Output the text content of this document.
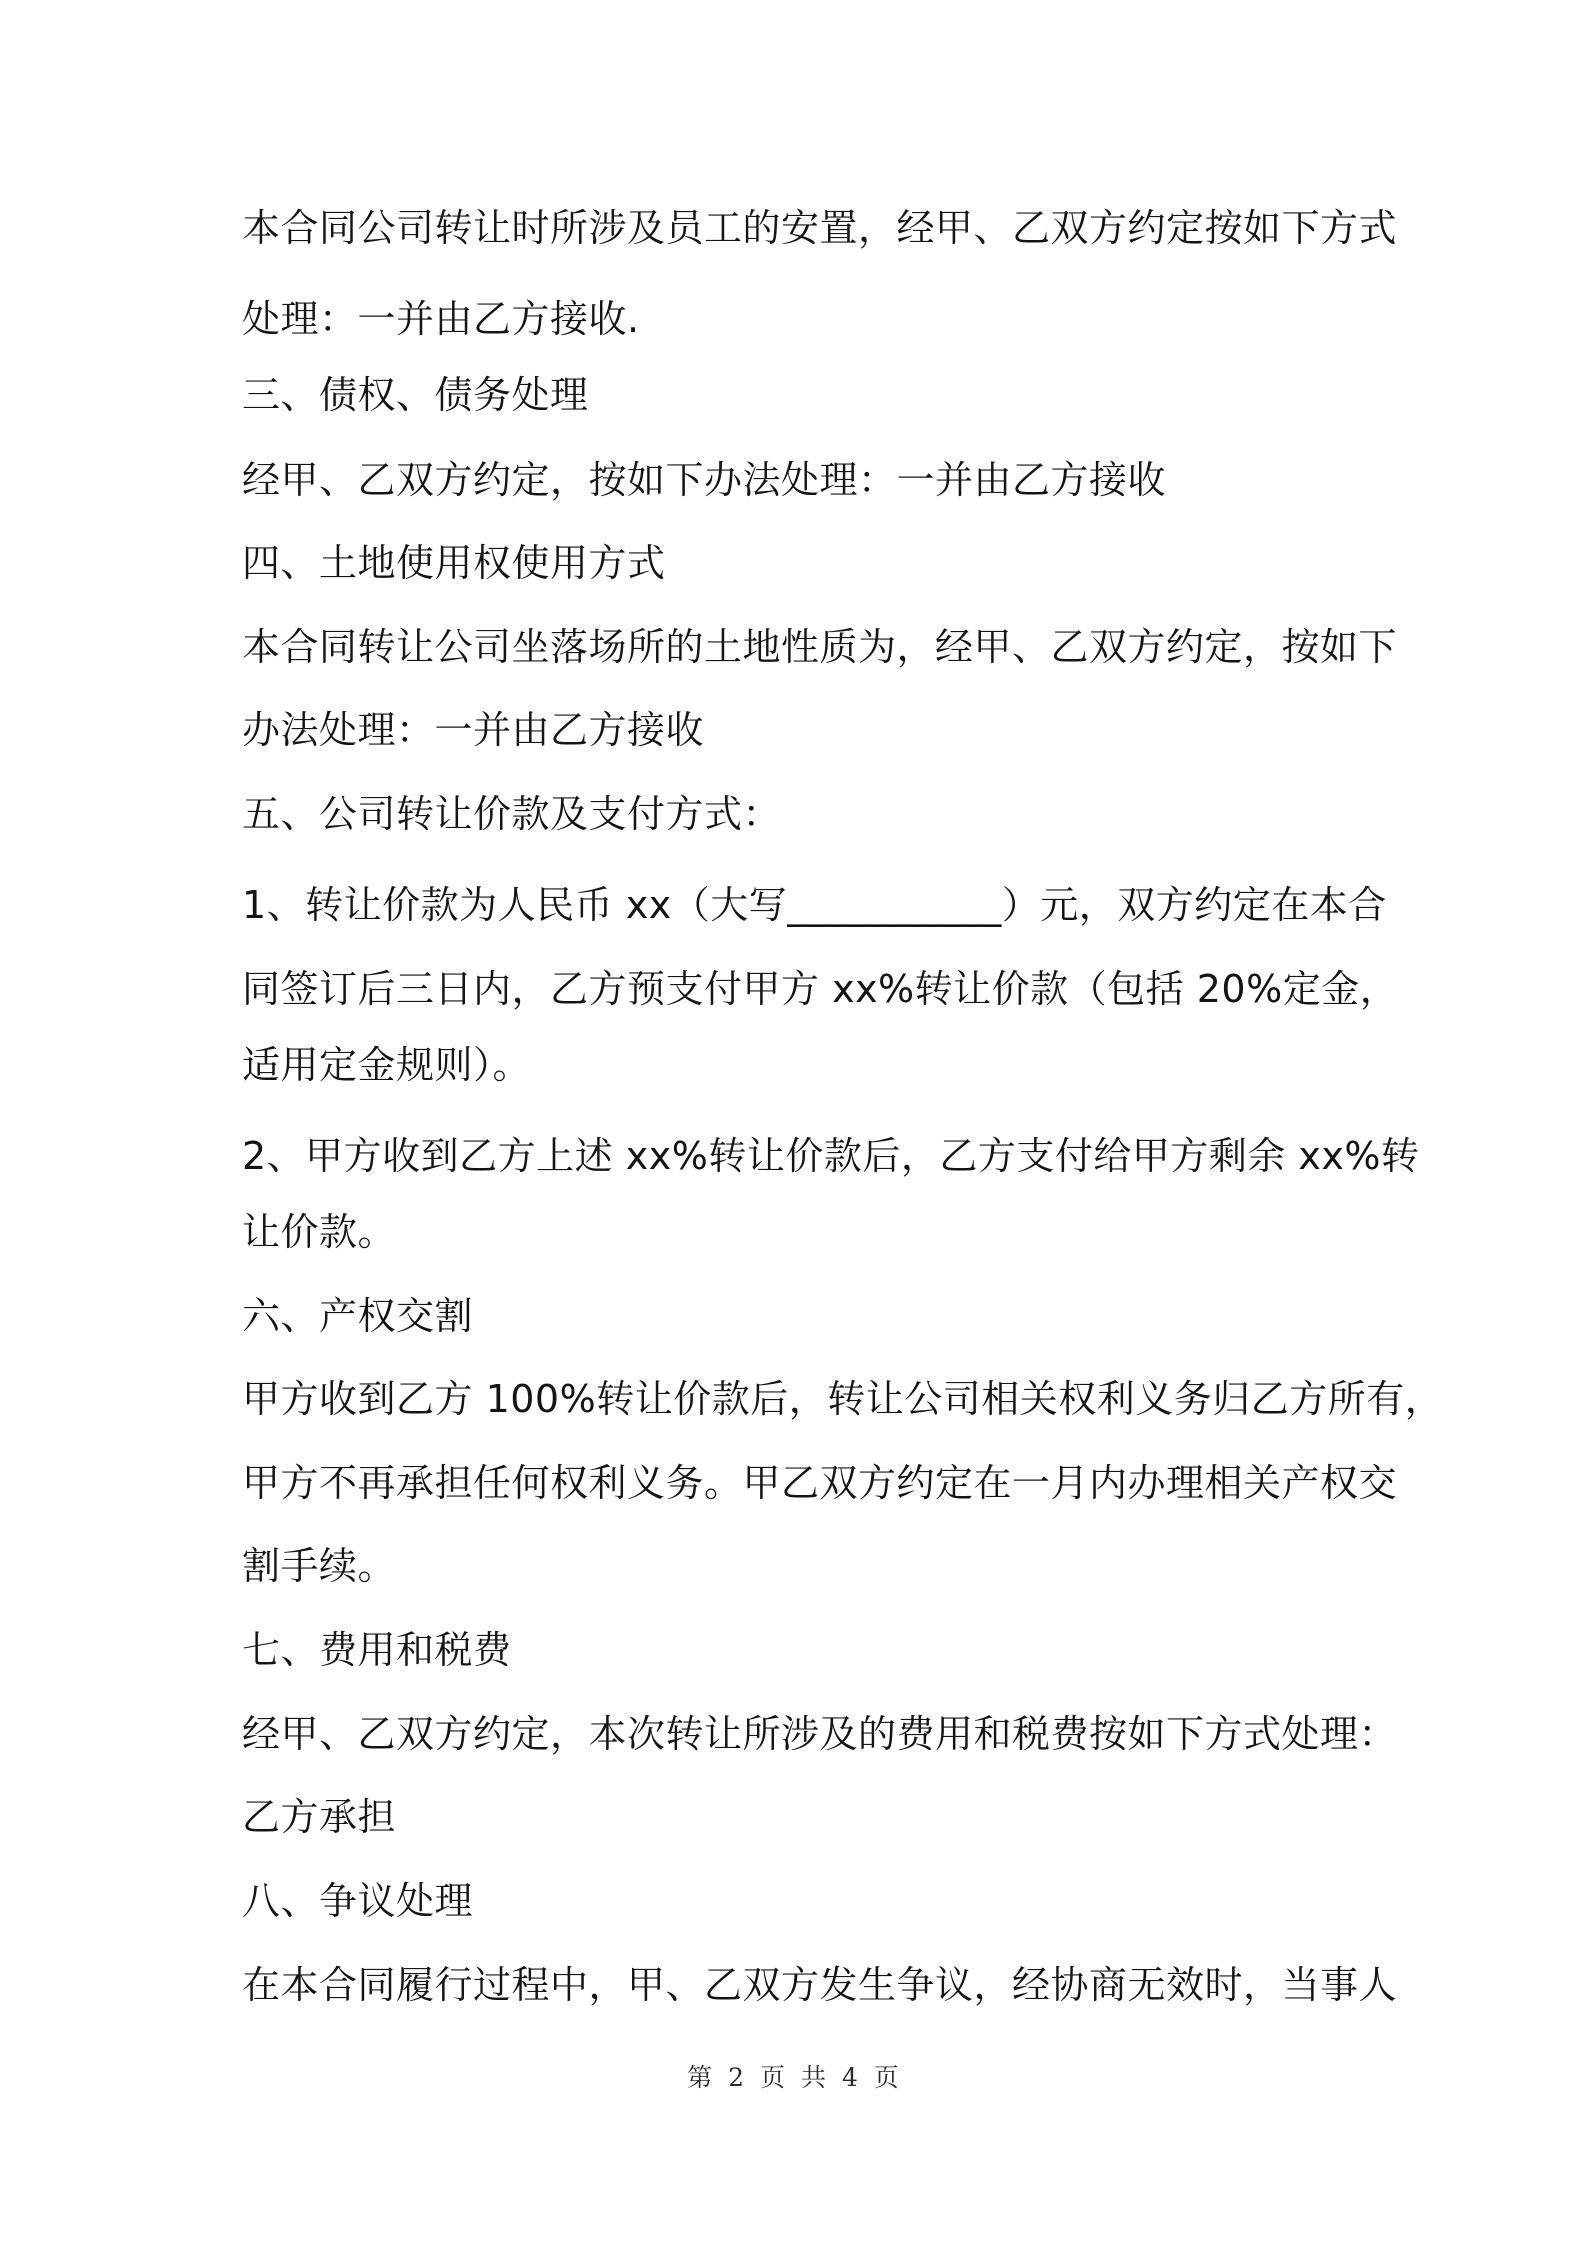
本合同公司转让时所涉及员工的安置，经甲、乙双方约定按如下方式
处理：一并由乙方接收.
三、债权、债务处理
经甲、乙双方约定，按如下办法处理：一并由乙方接收
四、土地使用权使用方式
本合同转让公司坐落场所的土地性质为，经甲、乙双方约定，按如下
办法处理：一并由乙方接收
五、公司转让价款及支付方式：
1、转让价款为人民币 xx（大写___________）元，双方约定在本合
同签订后三日内，乙方预支付甲方 xx%转让价款（包括 20%定金，
适用定金规则）。
2、甲方收到乙方上述 xx%转让价款后，乙方支付给甲方剩余 xx%转
让价款。
六、产权交割
甲方收到乙方 100%转让价款后，转让公司相关权利义务归乙方所有，
甲方不再承担任何权利义务。甲乙双方约定在一月内办理相关产权交
割手续。
七、费用和税费
经甲、乙双方约定，本次转让所涉及的费用和税费按如下方式处理：
乙方承担
八、争议处理
在本合同履行过程中，甲、乙双方发生争议，经协商无效时，当事人
第 2 页 共 4 页
